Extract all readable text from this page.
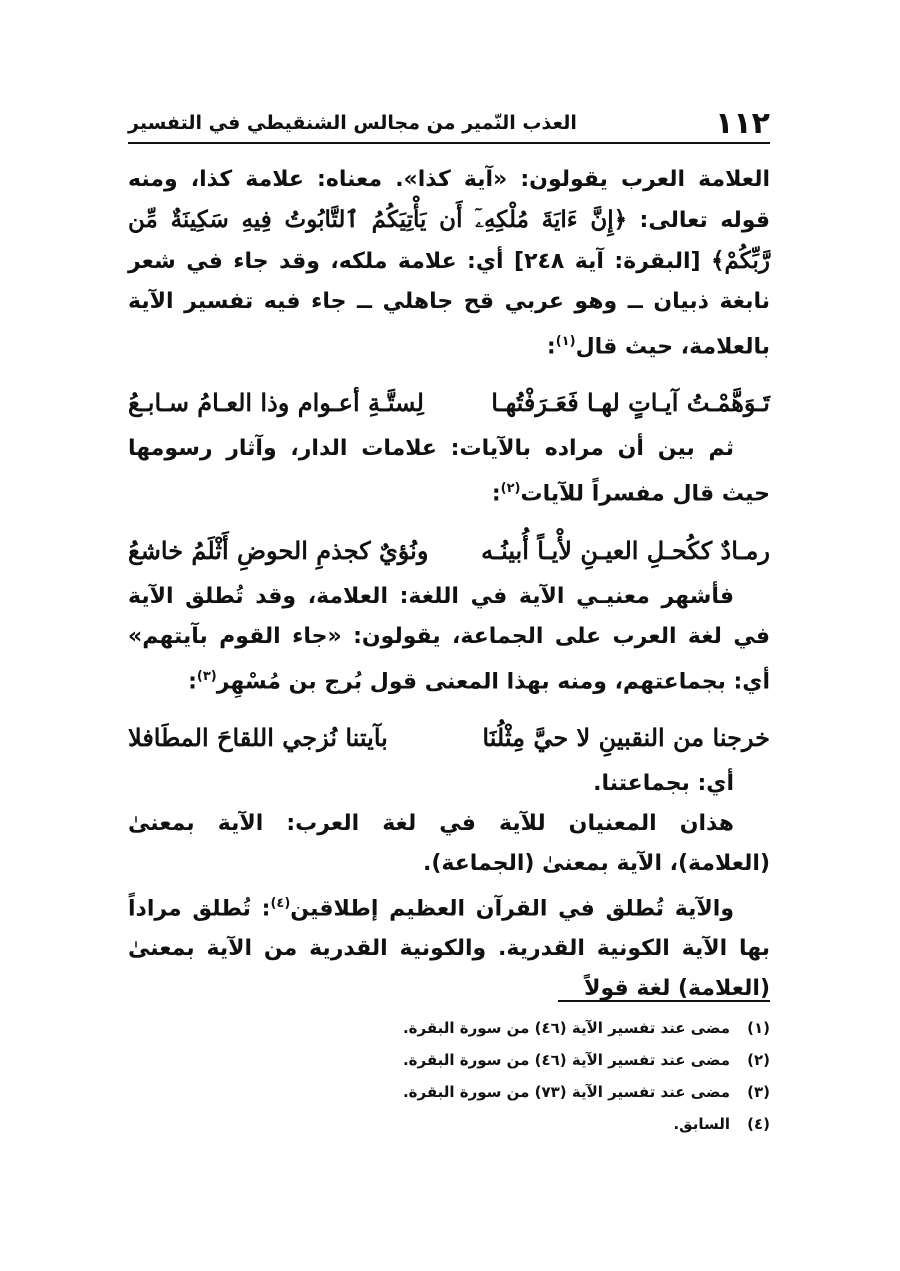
١١٢
العذب النّمير من مجالس الشنقيطي في التفسير

العلامة العرب يقولون: «آية كذا». معناه: علامة كذا، ومنه قوله تعالى: ﴿إِنَّ ءَايَةَ مُلْكِهِۦٓ أَن يَأْتِيَكُمُ ٱلتَّابُوتُ فِيهِ سَكِينَةٌ مِّن رَّبِّكُمْ﴾ [البقرة: آية ٢٤٨] أي: علامة ملكه، وقد جاء في شعر نابغة ذبيان ــ وهو عربي قح جاهلي ــ جاء فيه تفسير الآية بالعلامة، حيث قال$^{(١)}$:

تَـوَهَّمْـتُ آيـاتٍ لهـا فَعَـرَفْتُهـا
لِستَّـةِ أعـوام وذا العـامُ سـابـعُ

ثم بين أن مراده بالآيات: علامات الدار، وآثار رسومها حيث قال مفسراً للآيات$^{(٢)}$:

رمـادٌ ككُحـلِ العيـنِ لأْيـاً أُبينُـه
ونُؤيٌ كجذمِ الحوضِ أَثْلَمُ خاشعُ

فأشهر معنيـي الآية في اللغة: العلامة، وقد تُطلق الآية في لغة العرب على الجماعة، يقولون: «جاء القوم بآيتهم» أي: بجماعتهم، ومنه بهذا المعنى قول بُرج بن مُسْهِر$^{(٣)}$:

خرجنا من النقبينِ لا حيَّ مِثْلُنَا
بآيتنا نُزجي اللقاحَ المطَافلا

أي: بجماعتنا.

هذان المعنيان للآية في لغة العرب: الآية بمعنىٰ (العلامة)، الآية بمعنىٰ (الجماعة).

والآية تُطلق في القرآن العظيم إطلاقين$^{(٤)}$: تُطلق مراداً بها الآية الكونية القدرية. والكونية القدرية من الآية بمعنىٰ (العلامة) لغة قولاً

(١)
مضى عند تفسير الآية (٤٦) من سورة البقرة.
(٢)
مضى عند تفسير الآية (٤٦) من سورة البقرة.
(٣)
مضى عند تفسير الآية (٧٣) من سورة البقرة.
(٤)
السابق.
